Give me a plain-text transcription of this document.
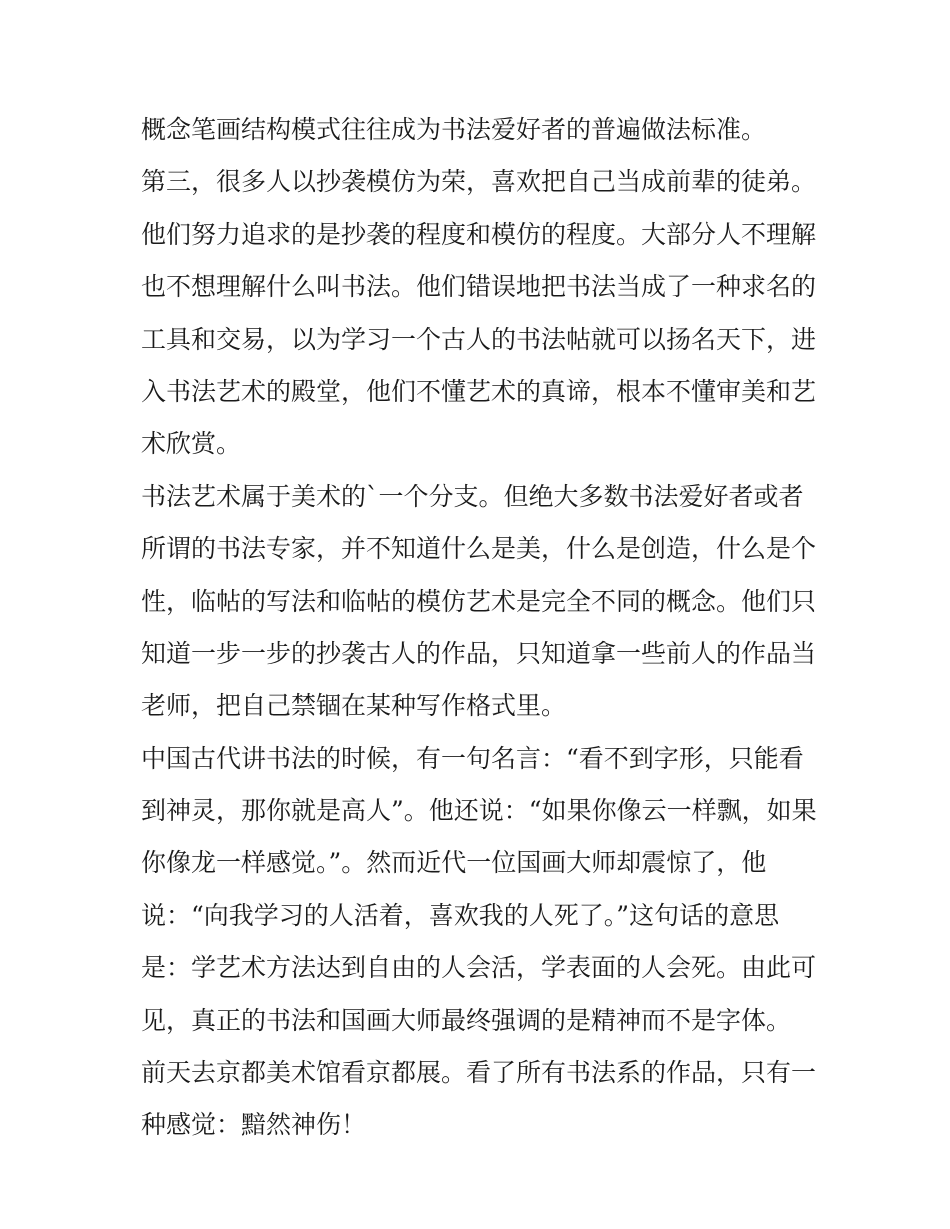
概念笔画结构模式往往成为书法爱好者的普遍做法标准。
第三，很多人以抄袭模仿为荣，喜欢把自己当成前辈的徒弟。
他们努力追求的是抄袭的程度和模仿的程度。大部分人不理解
也不想理解什么叫书法。他们错误地把书法当成了一种求名的
工具和交易，以为学习一个古人的书法帖就可以扬名天下，进
入书法艺术的殿堂，他们不懂艺术的真谛，根本不懂审美和艺
术欣赏。
书法艺术属于美术的`一个分支。但绝大多数书法爱好者或者
所谓的书法专家，并不知道什么是美，什么是创造，什么是个
性，临帖的写法和临帖的模仿艺术是完全不同的概念。他们只
知道一步一步的抄袭古人的作品，只知道拿一些前人的作品当
老师，把自己禁锢在某种写作格式里。
中国古代讲书法的时候，有一句名言：“看不到字形，只能看
到神灵，那你就是高人”。他还说：“如果你像云一样飘，如果
你像龙一样感觉。”。然而近代一位国画大师却震惊了，他
说：“向我学习的人活着，喜欢我的人死了。”这句话的意思
是：学艺术方法达到自由的人会活，学表面的人会死。由此可
见，真正的书法和国画大师最终强调的是精神而不是字体。
前天去京都美术馆看京都展。看了所有书法系的作品，只有一
种感觉：黯然神伤！
